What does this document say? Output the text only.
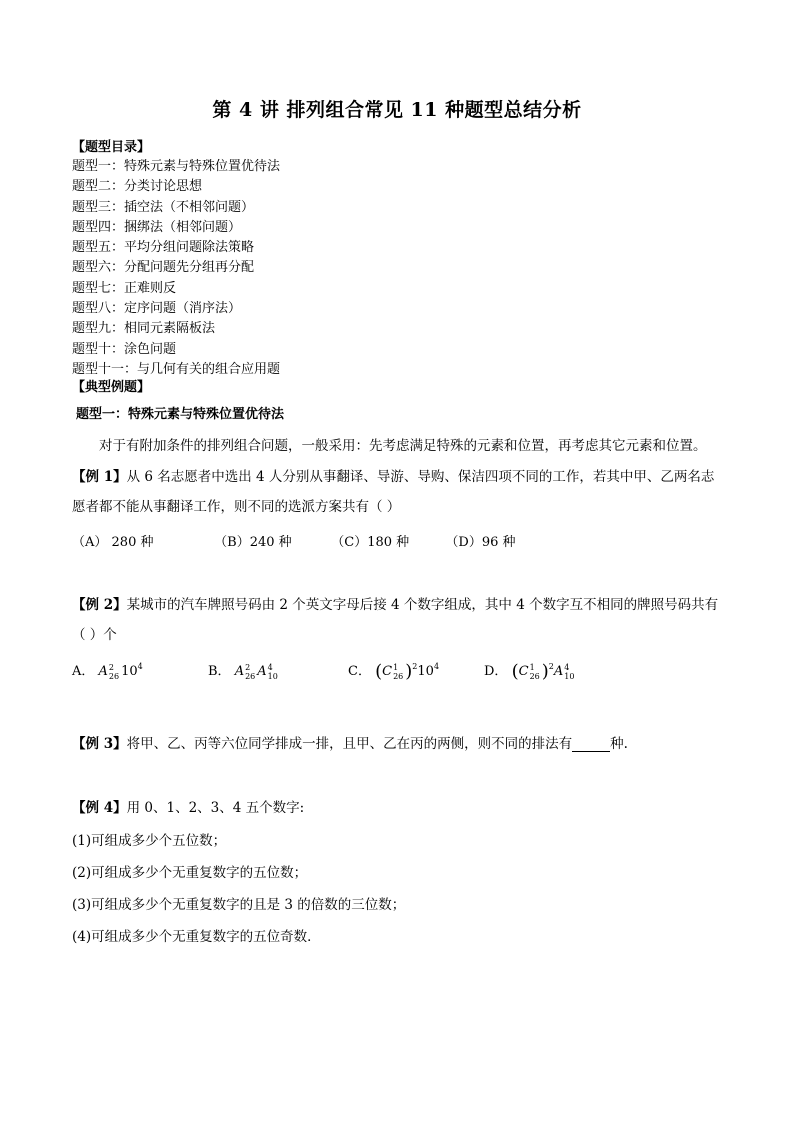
第 4 讲 排列组合常见 11 种题型总结分析
【题型目录】
题型一：特殊元素与特殊位置优待法
题型二：分类讨论思想
题型三：插空法（不相邻问题）
题型四：捆绑法（相邻问题）
题型五：平均分组问题除法策略
题型六：分配问题先分组再分配
题型七：正难则反
题型八：定序问题（消序法）
题型九：相同元素隔板法
题型十：涂色问题
题型十一：与几何有关的组合应用题
【典型例题】
题型一：特殊元素与特殊位置优待法
对于有附加条件的排列组合问题，一般采用：先考虑满足特殊的元素和位置，再考虑其它元素和位置。
【例 1】从 6 名志愿者中选出 4 人分别从事翻译、导游、导购、保洁四项不同的工作，若其中甲、乙两名志
愿者都不能从事翻译工作，则不同的选派方案共有（ ）
（A） 280 种	（B）240 种	（C）180 种	（D）96 种
【例 2】某城市的汽车牌照号码由 2 个英文字母后接 4 个数字组成，其中 4 个数字互不相同的牌照号码共有
（ ）个
A． A 2
26 $10^4$	B． A 2
26 A 4
10	C． (C 1
26 )$^210^4$	D． (C 1
26 )$^2$A 4
10
【例 3】将甲、乙、丙等六位同学排成一排，且甲、乙在丙的两侧，则不同的排法有	种.
【例 4】用 0、1、2、3、4 五个数字:
(1)可组成多少个五位数；
(2)可组成多少个无重复数字的五位数；
(3)可组成多少个无重复数字的且是 3 的倍数的三位数；
(4)可组成多少个无重复数字的五位奇数．
